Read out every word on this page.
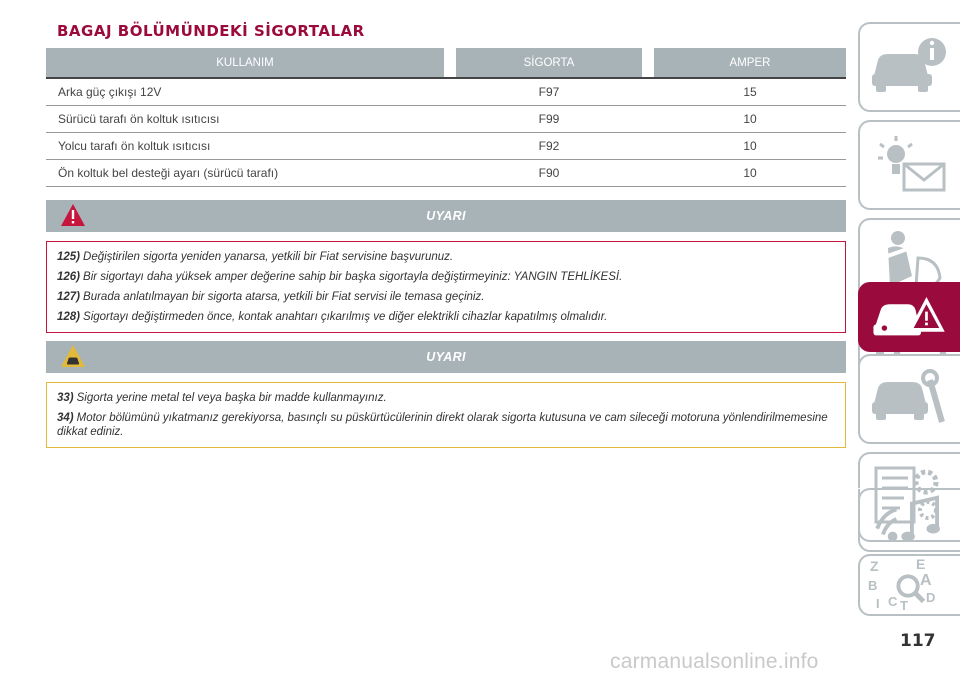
BAGAJ BÖLÜMÜNDEKİ SİGORTALAR
KULLANIM		SİGORTA		AMPER
Arka güç çıkışı 12V	F97			15
Sürücü tarafı ön koltuk ısıtıcısı	F99			10
Yolcu tarafı ön koltuk ısıtıcısı	F92			10
Ön koltuk bel desteği ayarı (sürücü tarafı)	F90			10
UYARI
125) Değiştirilen sigorta yeniden yanarsa, yetkili bir Fiat servisine başvurunuz.
126) Bir sigortayı daha yüksek amper değerine sahip bir başka sigortayla değiştirmeyiniz: YANGIN TEHLİKESİ.
127) Burada anlatılmayan bir sigorta atarsa, yetkili bir Fiat servisi ile temasa geçiniz.
128) Sigortayı değiştirmeden önce, kontak anahtarı çıkarılmış ve diğer elektrikli cihazlar kapatılmış olmalıdır.
UYARI
33) Sigorta yerine metal tel veya başka bir madde kullanmayınız.
34) Motor bölümünü yıkatmanız gerekiyorsa, basınçlı su püskürtücülerinin direkt olarak sigorta kutusuna ve cam sileceği motoruna yönlendirilmemesine dikkat ediniz.
Z	E
B	A
C D
I T
117
carmanualsonline.info
